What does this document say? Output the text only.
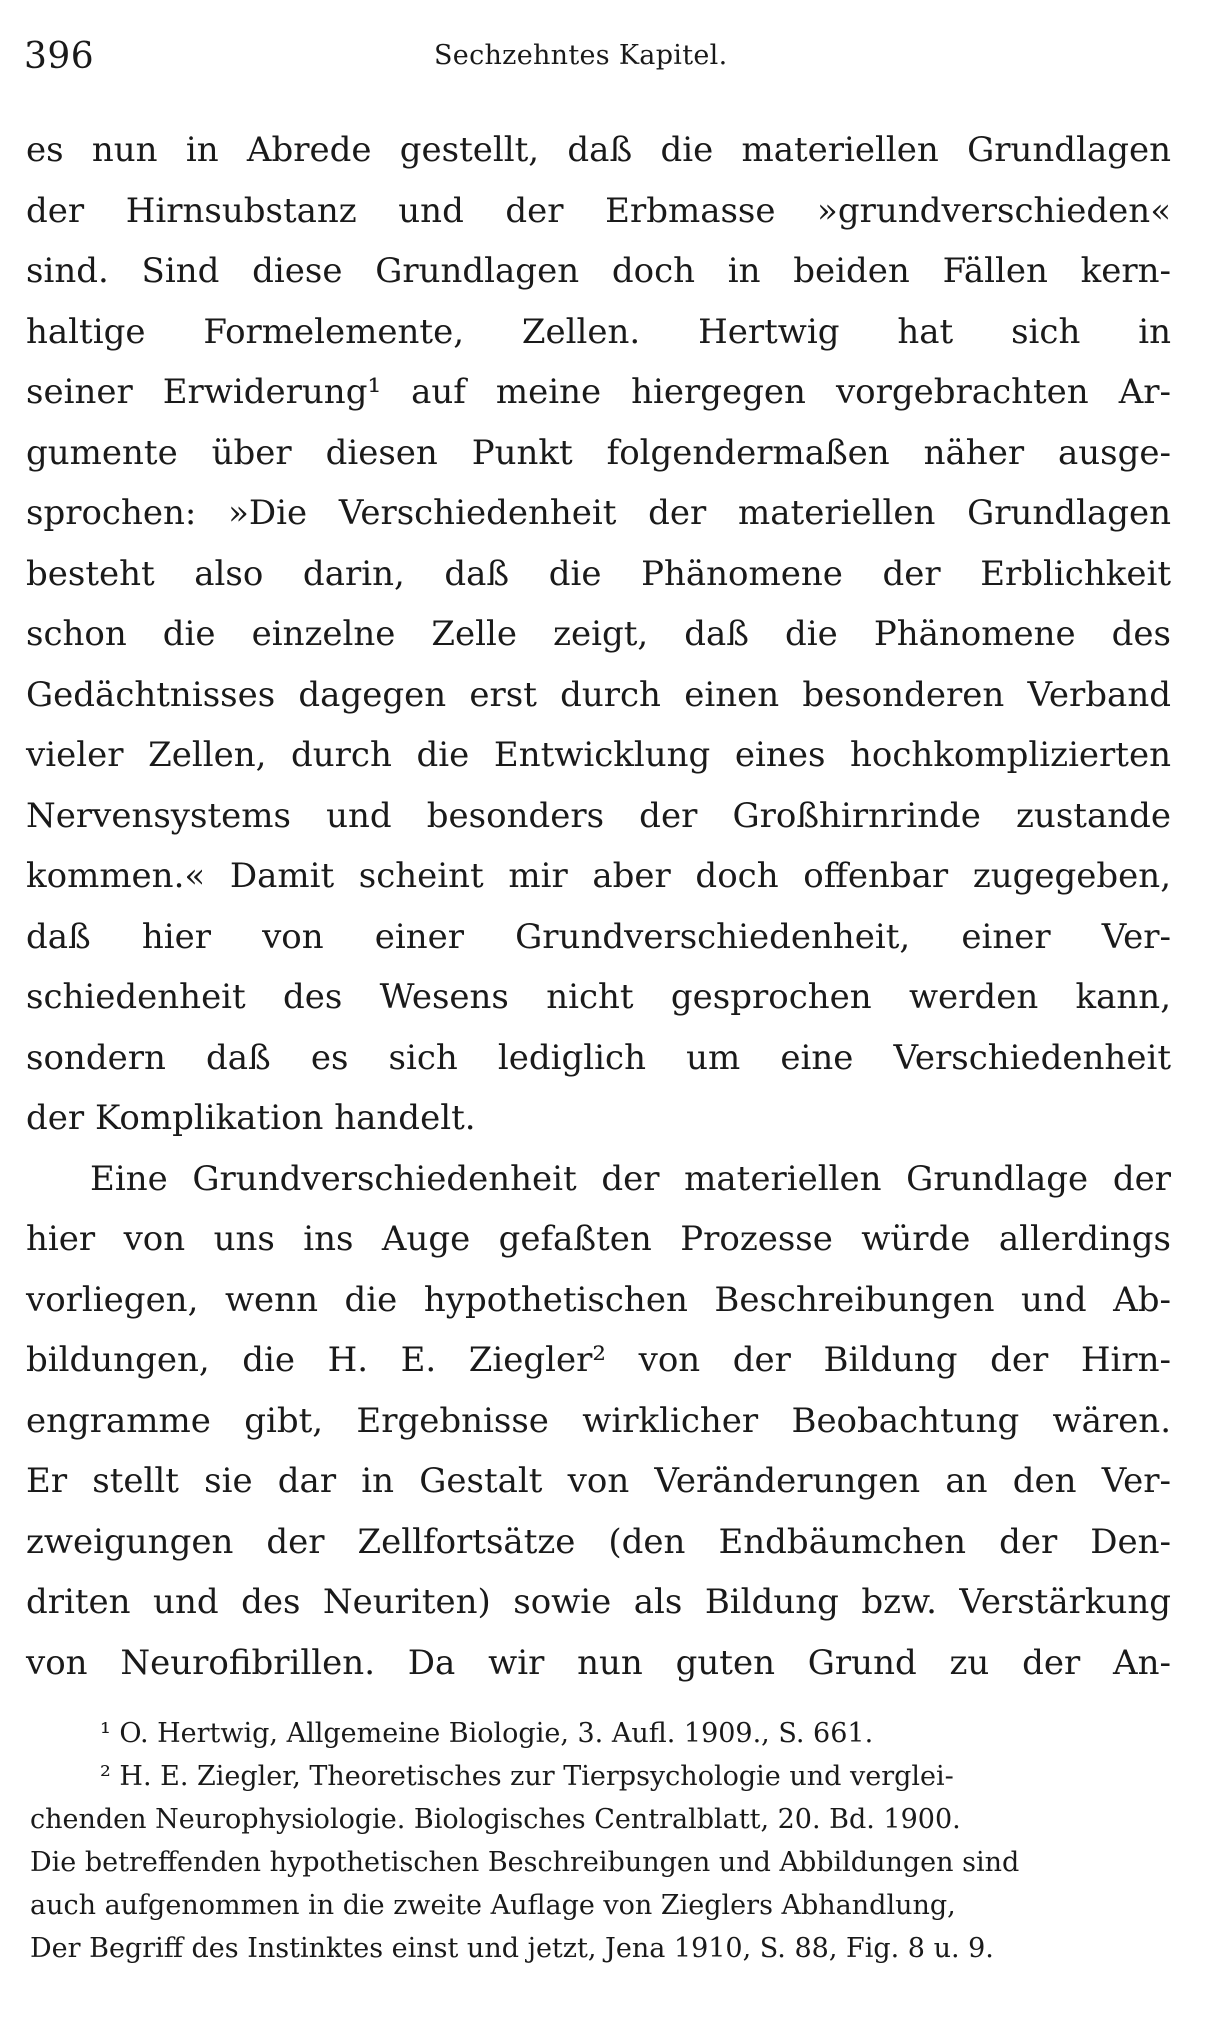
396	Sechzehntes Kapitel.
es nun in Abrede gestellt, daß die materiellen Grundlagen
der Hirnsubstanz und der Erbmasse »grundverschieden«
sind. Sind diese Grundlagen doch in beiden Fällen kern-
haltige Formelemente, Zellen. Hertwig hat sich in
seiner Erwiderung¹ auf meine hiergegen vorgebrachten Ar-
gumente über diesen Punkt folgendermaßen näher ausge-
sprochen: »Die Verschiedenheit der materiellen Grundlagen
besteht also darin, daß die Phänomene der Erblichkeit
schon die einzelne Zelle zeigt, daß die Phänomene des
Gedächtnisses dagegen erst durch einen besonderen Verband
vieler Zellen, durch die Entwicklung eines hochkomplizierten
Nervensystems und besonders der Großhirnrinde zustande
kommen.« Damit scheint mir aber doch offenbar zugegeben,
daß hier von einer Grundverschiedenheit, einer Ver-
schiedenheit des Wesens nicht gesprochen werden kann,
sondern daß es sich lediglich um eine Verschiedenheit
der Komplikation handelt.
Eine Grundverschiedenheit der materiellen Grundlage der
hier von uns ins Auge gefaßten Prozesse würde allerdings
vorliegen, wenn die hypothetischen Beschreibungen und Ab-
bildungen, die H. E. Ziegler² von der Bildung der Hirn-
engramme gibt, Ergebnisse wirklicher Beobachtung wären.
Er stellt sie dar in Gestalt von Veränderungen an den Ver-
zweigungen der Zellfortsätze (den Endbäumchen der Den-
driten und des Neuriten) sowie als Bildung bzw. Verstärkung
von Neurofibrillen. Da wir nun guten Grund zu der An-
¹ O. Hertwig, Allgemeine Biologie, 3. Aufl. 1909., S. 661.
² H. E. Ziegler, Theoretisches zur Tierpsychologie und verglei-
chenden Neurophysiologie. Biologisches Centralblatt, 20. Bd. 1900.
Die betreffenden hypothetischen Beschreibungen und Abbildungen sind
auch aufgenommen in die zweite Auflage von Zieglers Abhandlung,
Der Begriff des Instinktes einst und jetzt, Jena 1910, S. 88, Fig. 8 u. 9.
